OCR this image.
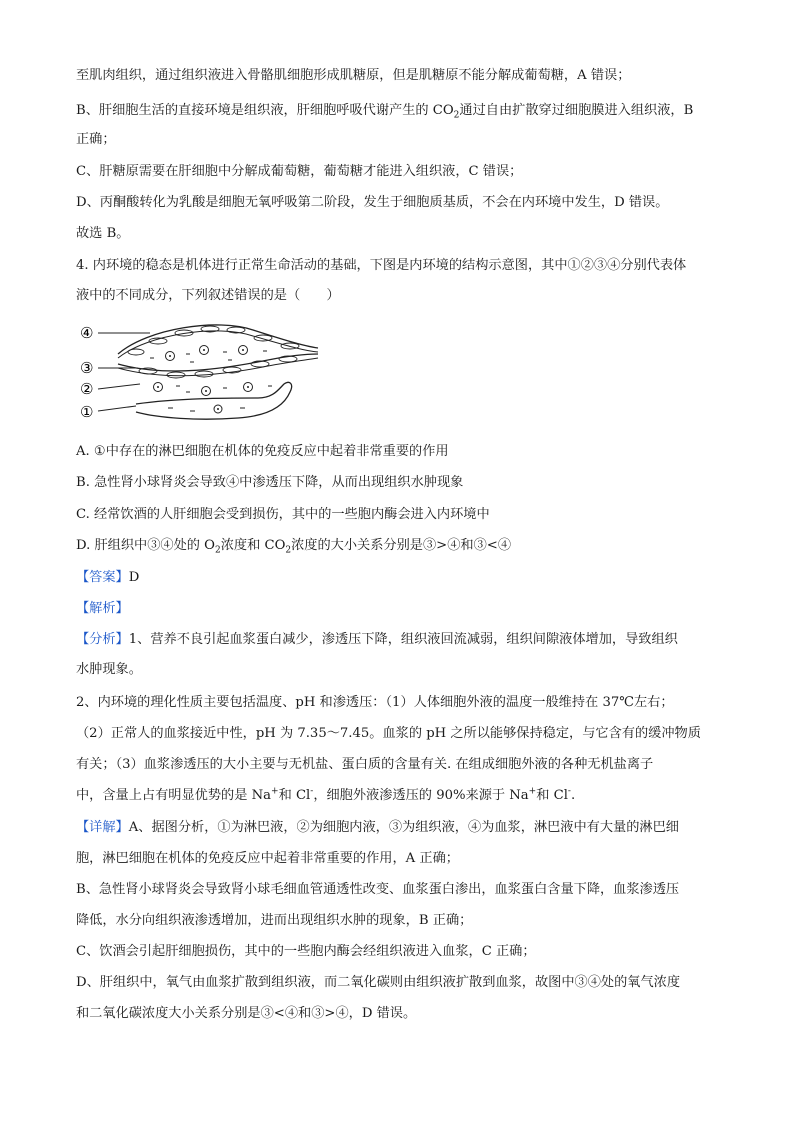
至肌肉组织，通过组织液进入骨骼肌细胞形成肌糖原，但是肌糖原不能分解成葡萄糖，A 错误；
B、肝细胞生活的直接环境是组织液，肝细胞呼吸代谢产生的 $CO_2$通过自由扩散穿过细胞膜进入组织液，B
正确；
C、肝糖原需要在肝细胞中分解成葡萄糖，葡萄糖才能进入组织液，C 错误；
D、丙酮酸转化为乳酸是细胞无氧呼吸第二阶段，发生于细胞质基质，不会在内环境中发生，D 错误。
故选 B。
4. 内环境的稳态是机体进行正常生命活动的基础，下图是内环境的结构示意图，其中①②③④分别代表体
液中的不同成分，下列叙述错误的是（　　）
④
③
②
①
A. ①中存在的淋巴细胞在机体的免疫反应中起着非常重要的作用
B. 急性肾小球肾炎会导致④中渗透压下降，从而出现组织水肿现象
C. 经常饮酒的人肝细胞会受到损伤，其中的一些胞内酶会进入内环境中
D. 肝组织中③④处的 $O_2$浓度和 $CO_2$浓度的大小关系分别是③>④和③<④
【答案】D
【解析】
【分析】1、营养不良引起血浆蛋白减少，渗透压下降，组织液回流减弱，组织间隙液体增加，导致组织
水肿现象。
2、内环境的理化性质主要包括温度、pH 和渗透压：（1）人体细胞外液的温度一般维持在 37℃左右；
（2）正常人的血浆接近中性，pH 为 7.35～7.45。血浆的 pH 之所以能够保持稳定，与它含有的缓冲物质
有关；（3）血浆渗透压的大小主要与无机盐、蛋白质的含量有关. 在组成细胞外液的各种无机盐离子
中，含量上占有明显优势的是 Na+和 Cl-，细胞外液渗透压的 90%来源于 Na+和 Cl-.
【详解】A、据图分析，①为淋巴液，②为细胞内液，③为组织液，④为血浆，淋巴液中有大量的淋巴细
胞，淋巴细胞在机体的免疫反应中起着非常重要的作用，A 正确；
B、急性肾小球肾炎会导致肾小球毛细血管通透性改变、血浆蛋白渗出，血浆蛋白含量下降，血浆渗透压
降低，水分向组织液渗透增加，进而出现组织水肿的现象，B 正确；
C、饮酒会引起肝细胞损伤，其中的一些胞内酶会经组织液进入血浆，C 正确；
D、肝组织中，氧气由血浆扩散到组织液，而二氧化碳则由组织液扩散到血浆，故图中③④处的氧气浓度
和二氧化碳浓度大小关系分别是③<④和③>④，D 错误。
